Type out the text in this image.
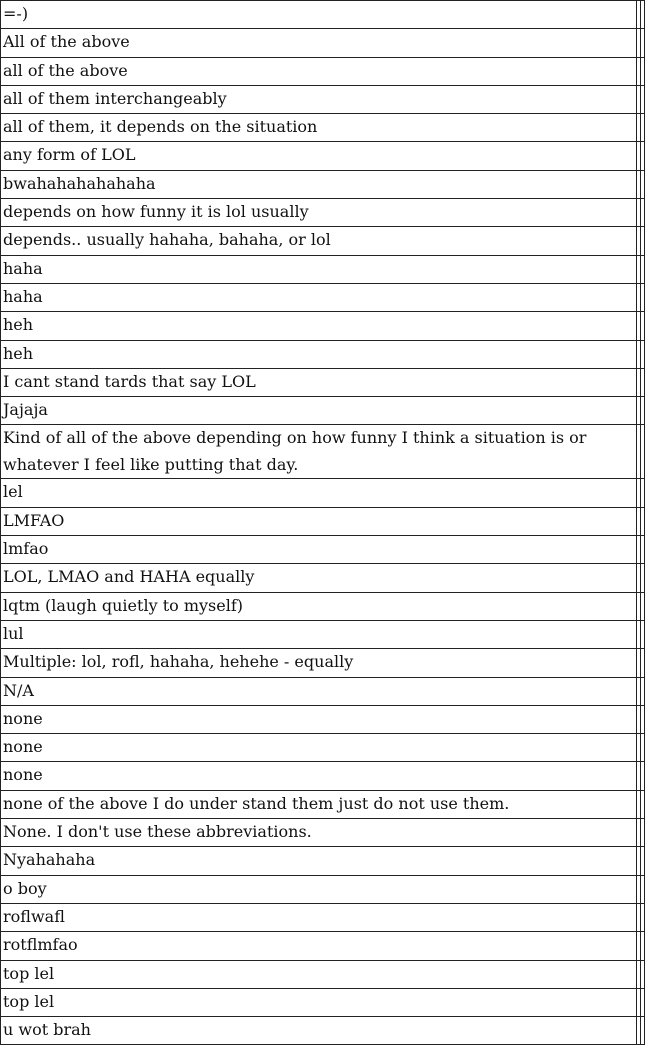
=-)		
All of the above		
all of the above		
all of them interchangeably		
all of them, it depends on the situation		
any form of LOL		
bwahahahahahaha		
depends on how funny it is lol usually		
depends.. usually hahaha, bahaha, or lol		
haha		
haha		
heh		
heh		
I cant stand tards that say LOL		
Jajaja		
Kind of all of the above depending on how funny I think a situation is or whatever I feel like putting that day.		
lel		
LMFAO		
lmfao		
LOL, LMAO and HAHA equally		
lqtm (laugh quietly to myself)		
lul		
Multiple: lol, rofl, hahaha, hehehe - equally		
N/A		
none		
none		
none		
none of the above I do under stand them just do not use them.		
None. I don't use these abbreviations.		
Nyahahaha		
o boy		
roflwafl		
rotflmfao		
top lel		
top lel		
u wot brah		
